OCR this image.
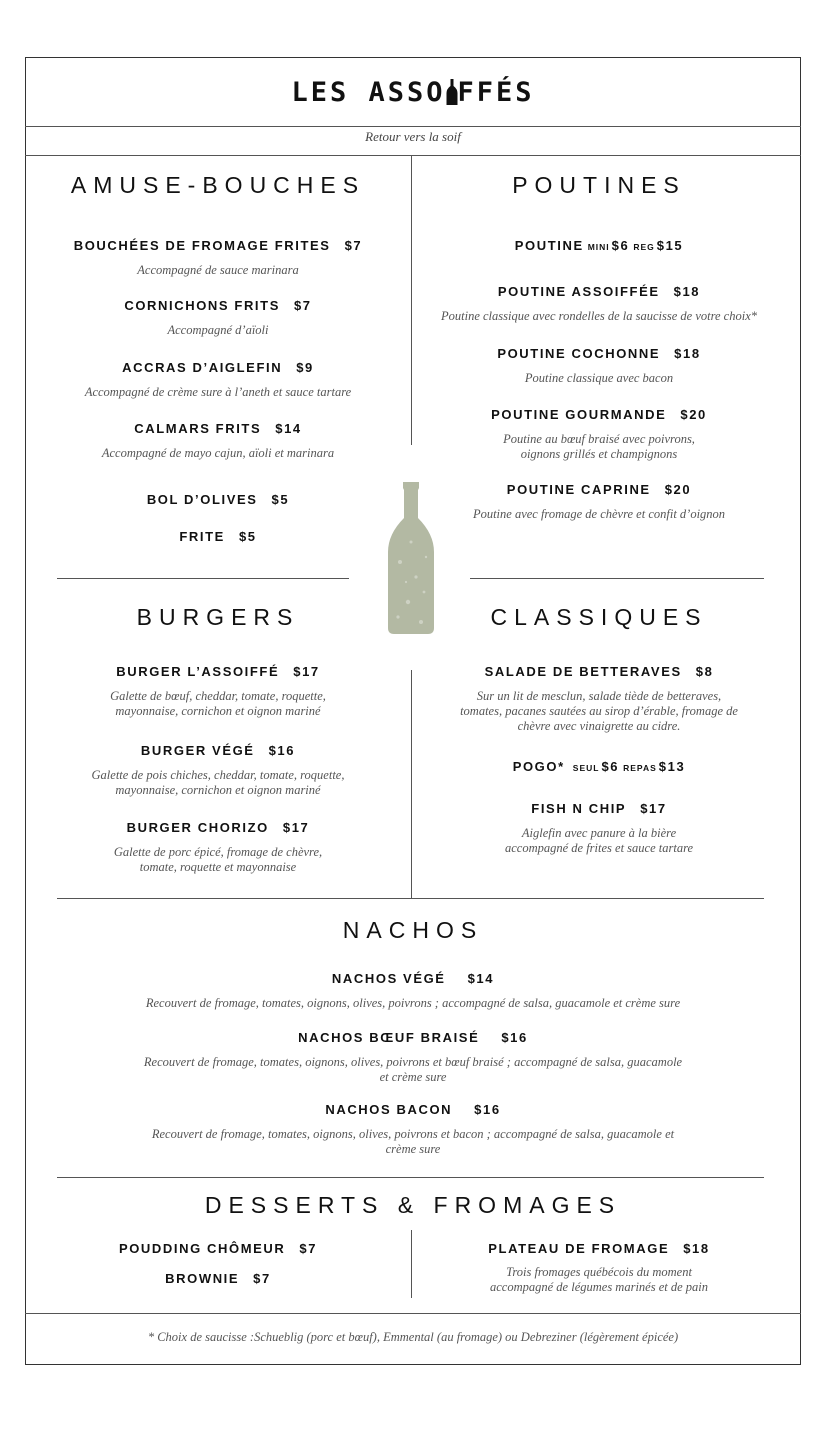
LES ASSO FFÉS
Retour vers la soif
AMUSE-BOUCHES
BOUCHÉES DE FROMAGE FRITES $7
Accompagné de sauce marinara
CORNICHONS FRITS $7
Accompagné d’aïoli
ACCRAS D’AIGLEFIN $9
Accompagné de crème sure à l’aneth et sauce tartare
CALMARS FRITS $14
Accompagné de mayo cajun, aïoli et marinara
BOL D’OLIVES $5
FRITE $5
POUTINES
POUTINE MINI $6 REG $15
POUTINE ASSOIFFÉE $18
Poutine classique avec rondelles de la saucisse de votre choix*
POUTINE COCHONNE $18
Poutine classique avec bacon
POUTINE GOURMANDE $20
Poutine au bœuf braisé avec poivrons,
oignons grillés et champignons
POUTINE CAPRINE $20
Poutine avec fromage de chèvre et confit d’oignon
BURGERS
BURGER L’ASSOIFFÉ $17
Galette de bœuf, cheddar, tomate, roquette,
mayonnaise, cornichon et oignon mariné
BURGER VÉGÉ $16
Galette de pois chiches, cheddar, tomate, roquette,
mayonnaise, cornichon et oignon mariné
BURGER CHORIZO $17
Galette de porc épicé, fromage de chèvre,
tomate, roquette et mayonnaise
CLASSIQUES
SALADE DE BETTERAVES $8
Sur un lit de mesclun, salade tiède de betteraves,
tomates, pacanes sautées au sirop d’érable, fromage de
chèvre avec vinaigrette au cidre.
POGO* SEUL $6 REPAS $13
FISH N CHIP $17
Aiglefin avec panure à la bière
accompagné de frites et sauce tartare
NACHOS
NACHOS VÉGÉ $14
Recouvert de fromage, tomates, oignons, olives, poivrons ; accompagné de salsa, guacamole et crème sure
NACHOS BŒUF BRAISÉ $16
Recouvert de fromage, tomates, oignons, olives, poivrons et bœuf braisé ; accompagné de salsa, guacamole
et crème sure
NACHOS BACON $16
Recouvert de fromage, tomates, oignons, olives, poivrons et bacon ; accompagné de salsa, guacamole et
crème sure
DESSERTS & FROMAGES
POUDDING CHÔMEUR $7
BROWNIE $7
PLATEAU DE FROMAGE $18
Trois fromages québécois du moment
accompagné de légumes marinés et de pain
* Choix de saucisse :Schueblig (porc et bœuf), Emmental (au fromage) ou Debreziner (légèrement épicée)
